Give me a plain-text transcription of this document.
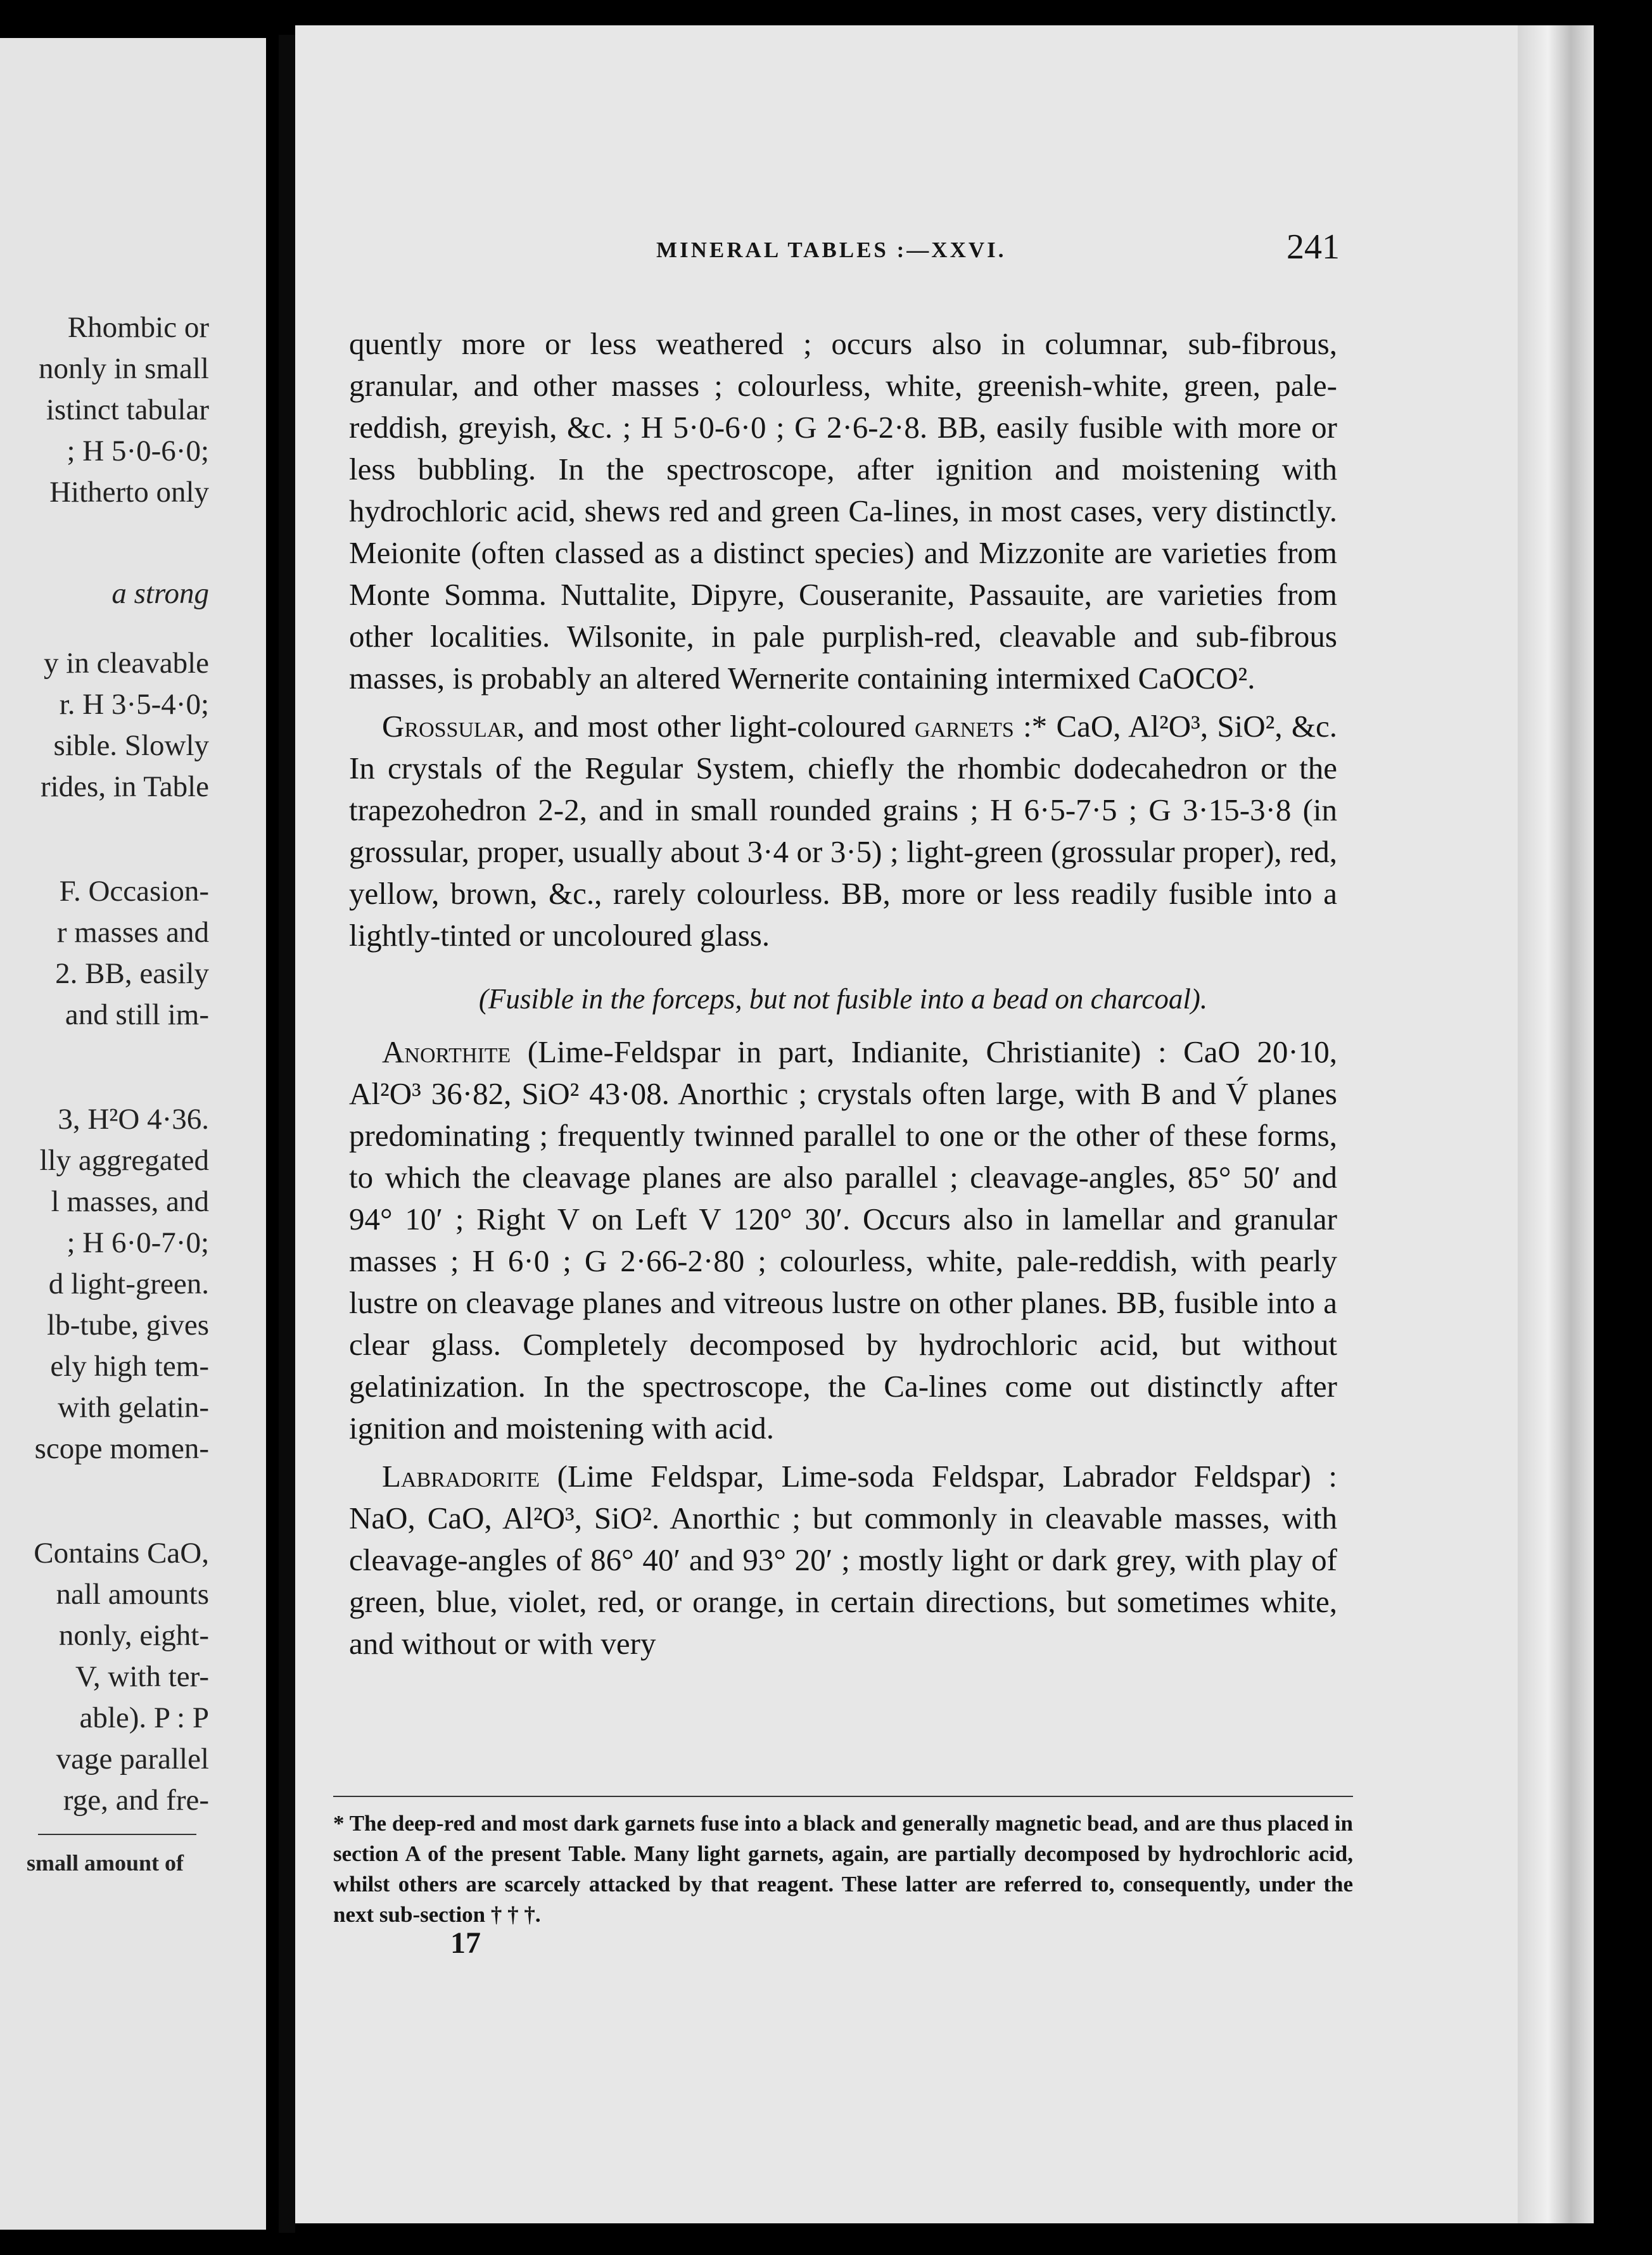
Rhombic or
nonly in small
istinct tabular
; H 5·0-6·0;
Hitherto only
a strong
y in cleavable
r. H 3·5-4·0;
sible. Slowly
rides, in Table
F. Occasion-
r masses and
2. BB, easily
and still im-
3, H²O 4·36.
lly aggregated
l masses, and
; H 6·0-7·0;
d light-green.
lb-tube, gives
ely high tem-
with gelatin-
scope momen-
Contains CaO,
nall amounts
nonly, eight-
V, with ter-
able). P : P
vage parallel
rge, and fre-
small amount of
MINERAL TABLES :—XXVI.	241

quently more or less weathered ; occurs also in columnar, sub-fibrous, granular, and other masses ; colourless, white, greenish-white, green, pale-reddish, greyish, &c. ; H 5·0-6·0 ; G 2·6-2·8. BB, easily fusible with more or less bubbling. In the spectroscope, after ignition and moistening with hydrochloric acid, shews red and green Ca-lines, in most cases, very distinctly. Meionite (often classed as a distinct species) and Mizzonite are varieties from Monte Somma. Nuttalite, Dipyre, Couseranite, Passauite, are varieties from other localities. Wilsonite, in pale purplish-red, cleavable and sub-fibrous masses, is probably an altered Wernerite containing intermixed CaOCO².

Grossular, and most other light-coloured garnets :* CaO, Al²O³, SiO², &c. In crystals of the Regular System, chiefly the rhombic dodecahedron or the trapezohedron 2-2, and in small rounded grains ; H 6·5-7·5 ; G 3·15-3·8 (in grossular, proper, usually about 3·4 or 3·5) ; light-green (grossular proper), red, yellow, brown, &c., rarely colourless. BB, more or less readily fusible into a lightly-tinted or uncoloured glass.

(Fusible in the forceps, but not fusible into a bead on charcoal).

Anorthite (Lime-Feldspar in part, Indianite, Christianite) : CaO 20·10, Al²O³ 36·82, SiO² 43·08. Anorthic ; crystals often large, with B and V́ planes predominating ; frequently twinned parallel to one or the other of these forms, to which the cleavage planes are also parallel ; cleavage-angles, 85° 50′ and 94° 10′ ; Right V on Left V 120° 30′. Occurs also in lamellar and granular masses ; H 6·0 ; G 2·66-2·80 ; colourless, white, pale-reddish, with pearly lustre on cleavage planes and vitreous lustre on other planes. BB, fusible into a clear glass. Completely decomposed by hydrochloric acid, but without gelatinization. In the spectroscope, the Ca-lines come out distinctly after ignition and moistening with acid.

Labradorite (Lime Feldspar, Lime-soda Feldspar, Labrador Feldspar) : NaO, CaO, Al²O³, SiO². Anorthic ; but commonly in cleavable masses, with cleavage-angles of 86° 40′ and 93° 20′ ; mostly light or dark grey, with play of green, blue, violet, red, or orange, in certain directions, but sometimes white, and without or with very

* The deep-red and most dark garnets fuse into a black and generally magnetic bead, and are thus placed in section A of the present Table. Many light garnets, again, are partially decomposed by hydrochloric acid, whilst others are scarcely attacked by that reagent. These latter are referred to, consequently, under the next sub-section † † †.
17
